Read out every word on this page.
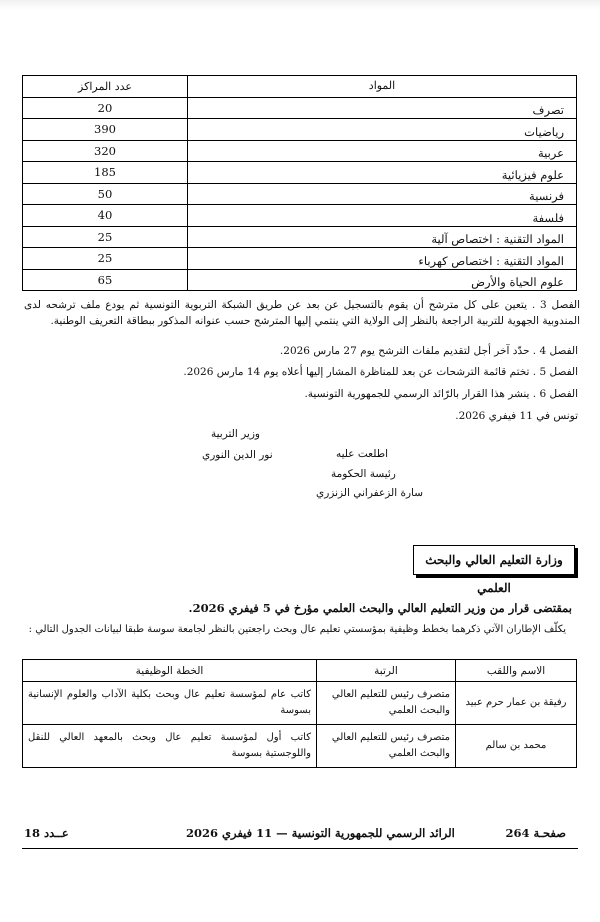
المواد	عدد المراكز
تصرف	20
رياضيات	390
عربية	320
علوم فيزيائية	185
فرنسية	50
فلسفة	40
المواد التقنية : اختصاص آلية	25
المواد التقنية : اختصاص كهرباء	25
علوم الحياة والأرض	65

الفصل 3 . يتعين على كل مترشح أن يقوم بالتسجيل عن بعد عن طريق الشبكة التربوية التونسية ثم يودع ملف ترشحه لدى المندوبية الجهوية للتربية الراجعة بالنظر إلى الولاية التي ينتمي إليها المترشح حسب عنوانه المذكور ببطاقة التعريف الوطنية.

الفصل 4 . حدّد آخر أجل لتقديم ملفات الترشح يوم 27 مارس 2026.
الفصل 5 . تختم قائمة الترشحات عن بعد للمناظرة المشار إليها أعلاه يوم 14 مارس 2026.
الفصل 6 . ينشر هذا القرار بالرّائد الرسمي للجمهورية التونسية.
تونس في 11 فيفري 2026.
وزير التربية
نور الدين النوري	اطلعت عليه
رئيسة الحكومة
سارة الزعفراني الزنزري
وزارة التعليم العالي والبحث العلمي
بمقتضى قرار من وزير التعليم العالي والبحث العلمي مؤرخ في 5 فيفري 2026.
يكلّف الإطاران الآتي ذكرهما بخطط وظيفية بمؤسستي تعليم عال وبحث راجعتين بالنظر لجامعة سوسة طبقا لبيانات الجدول التالي :
الاسم واللقب	الرتبة	الخطة الوظيفية
رفيقة بن عمار حرم عبيد	متصرف رئيس للتعليم العالي والبحث العلمي	كاتب عام لمؤسسة تعليم عال وبحث بكلية الآداب والعلوم الإنسانية بسوسة
محمد بن سالم	متصرف رئيس للتعليم العالي والبحث العلمي	كاتب أول لمؤسسة تعليم عال وبحث بالمعهد العالي للنقل واللوجستية بسوسة
صفحـة 264
الرائد الرسمي للجمهورية التونسية — 11 فيفري 2026
عــدد 18
